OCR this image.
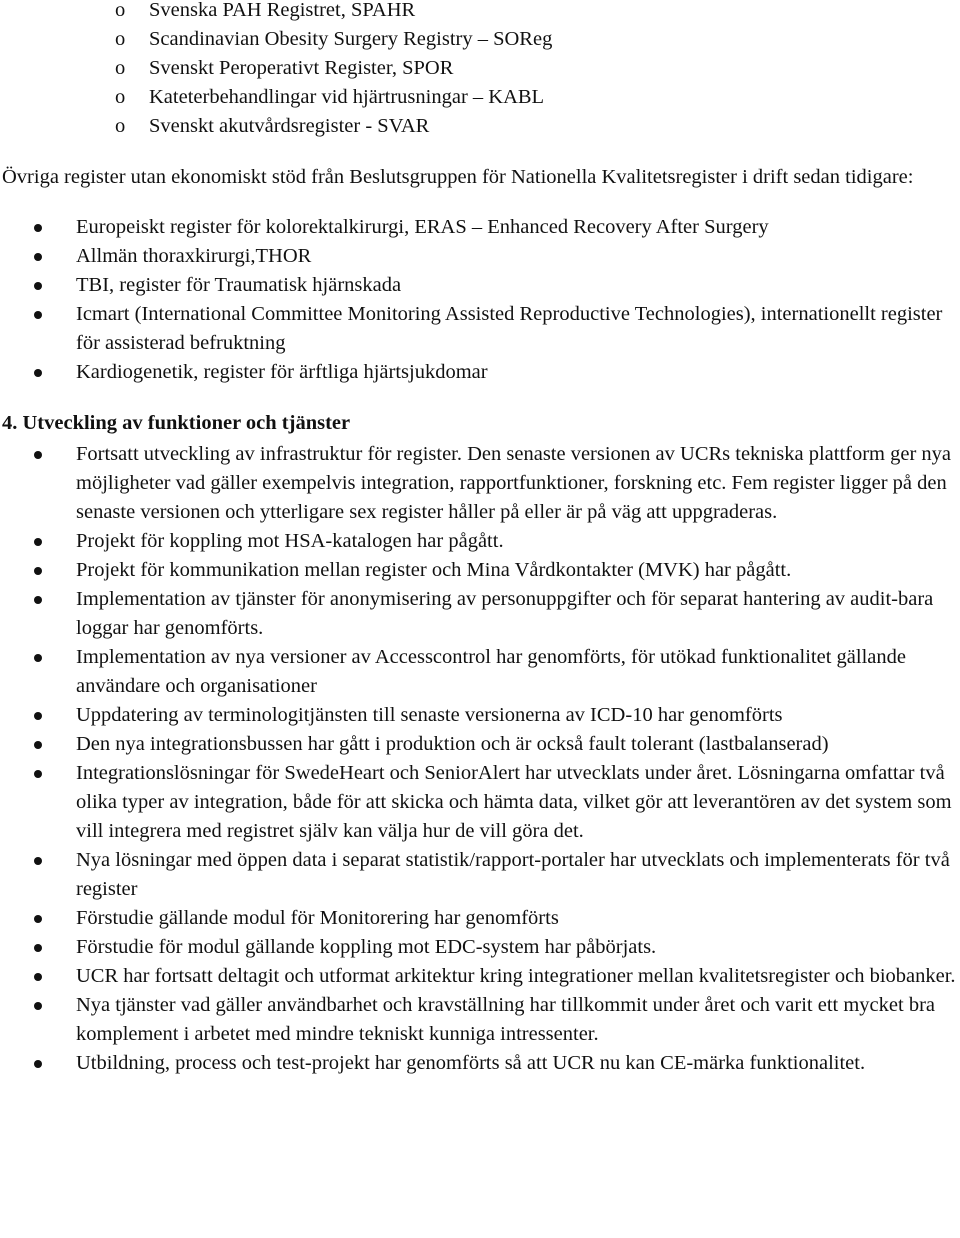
o Svenska PAH Registret, SPAHR
o Scandinavian Obesity Surgery Registry – SOReg
o Svenskt Peroperativt Register, SPOR
o Kateterbehandlingar vid hjärtrusningar – KABL
o Svenskt akutvårdsregister - SVAR

Övriga register utan ekonomiskt stöd från Beslutsgruppen för Nationella Kvalitetsregister i drift sedan tidigare:

Europeiskt register för kolorektalkirurgi, ERAS – Enhanced Recovery After Surgery
Allmän thoraxkirurgi,THOR
TBI, register för Traumatisk hjärnskada
Icmart (International Committee Monitoring Assisted Reproductive Technologies), internationellt register för assisterad befruktning
Kardiogenetik, register för ärftliga hjärtsjukdomar
4. Utveckling av funktioner och tjänster
Fortsatt utveckling av infrastruktur för register. Den senaste versionen av UCRs tekniska plattform ger nya möjligheter vad gäller exempelvis integration, rapportfunktioner, forskning etc. Fem register ligger på den senaste versionen och ytterligare sex register håller på eller är på väg att uppgraderas.
Projekt för koppling mot HSA-katalogen har pågått.
Projekt för kommunikation mellan register och Mina Vårdkontakter (MVK) har pågått.
Implementation av tjänster för anonymisering av personuppgifter och för separat hantering av audit-bara loggar har genomförts.
Implementation av nya versioner av Accesscontrol har genomförts, för utökad funktionalitet gällande användare och organisationer
Uppdatering av terminologitjänsten till senaste versionerna av ICD-10 har genomförts
Den nya integrationsbussen har gått i produktion och är också fault tolerant (lastbalanserad)
Integrationslösningar för SwedeHeart och SeniorAlert har utvecklats under året. Lösningarna omfattar två olika typer av integration, både för att skicka och hämta data, vilket gör att leverantören av det system som vill integrera med registret själv kan välja hur de vill göra det.
Nya lösningar med öppen data i separat statistik/rapport-portaler har utvecklats och implementerats för två register
Förstudie gällande modul för Monitorering har genomförts
Förstudie för modul gällande koppling mot EDC-system har påbörjats.
UCR har fortsatt deltagit och utformat arkitektur kring integrationer mellan kvalitetsregister och biobanker.
Nya tjänster vad gäller användbarhet och kravställning har tillkommit under året och varit ett mycket bra komplement i arbetet med mindre tekniskt kunniga intressenter.
Utbildning, process och test-projekt har genomförts så att UCR nu kan CE-märka funktionalitet.
